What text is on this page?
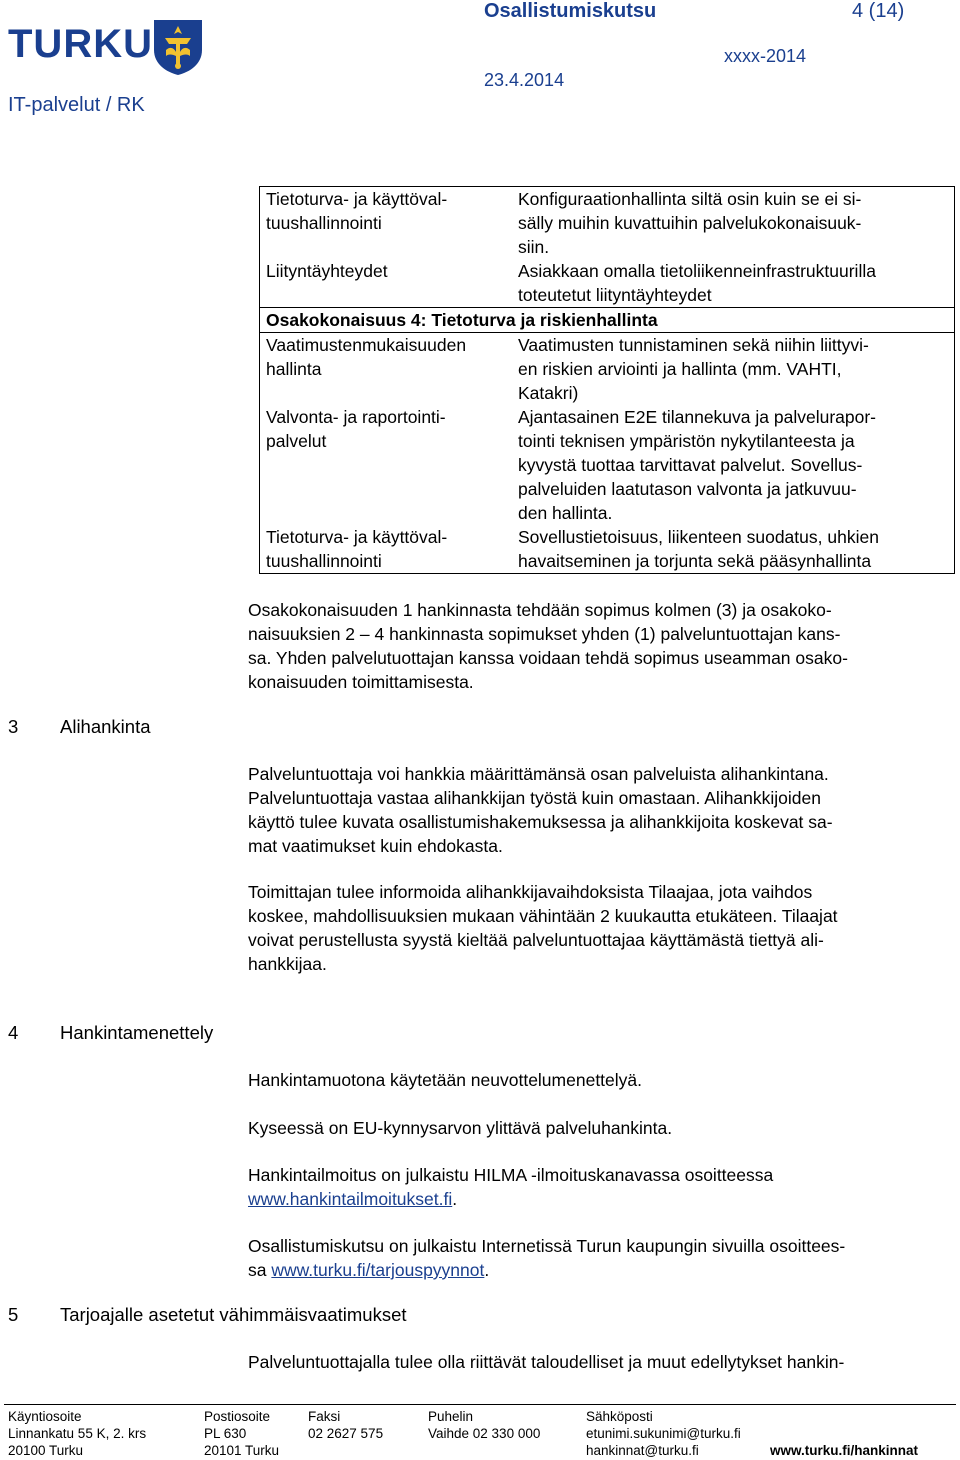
TURKU
Osallistumiskutsu	4 (14)
xxxx-2014
23.4.2014
IT-palvelut / RK
Tietoturva- ja käyttöval-
tuushallinnointi	Konfiguraationhallinta siltä osin kuin se ei si-
sälly muihin kuvattuihin palvelukokonaisuuk-
siin.

Liityntäyhteydet	Asiakkaan omalla tietoliikenneinfrastruktuurilla
toteutetut liityntäyhteydet

Osakokonaisuus 4: Tietoturva ja riskienhallinta	

Vaatimustenmukaisuuden
hallinta	Vaatimusten tunnistaminen sekä niihin liittyvi-
en riskien arviointi ja hallinta (mm. VAHTI,
Katakri)

Valvonta- ja raportointi-
palvelut	Ajantasainen E2E tilannekuva ja palvelurapor-
tointi teknisen ympäristön nykytilanteesta ja
kyvystä tuottaa tarvittavat palvelut. Sovellus-
palveluiden laatutason valvonta ja jatkuvuu-
den hallinta.

Tietoturva- ja käyttöval-
tuushallinnointi	Sovellustietoisuus, liikenteen suodatus, uhkien
havaitseminen ja torjunta sekä pääsynhallinta
Osakokonaisuuden 1 hankinnasta tehdään sopimus kolmen (3) ja osakoko-
naisuuksien 2 – 4 hankinnasta sopimukset yhden (1) palveluntuottajan kans-
sa. Yhden palvelutuottajan kanssa voidaan tehdä sopimus useamman osako-
konaisuuden toimittamisesta.
3 Alihankinta
Palveluntuottaja voi hankkia määrittämänsä osan palveluista alihankintana.
Palveluntuottaja vastaa alihankkijan työstä kuin omastaan. Alihankkijoiden
käyttö tulee kuvata osallistumishakemuksessa ja alihankkijoita koskevat sa-
mat vaatimukset kuin ehdokasta.
Toimittajan tulee informoida alihankkijavaihdoksista Tilaajaa, jota vaihdos
koskee, mahdollisuuksien mukaan vähintään 2 kuukautta etukäteen. Tilaajat
voivat perustellusta syystä kieltää palveluntuottajaa käyttämästä tiettyä ali-
hankkijaa.
4 Hankintamenettely
Hankintamuotona käytetään neuvottelumenettelyä.
Kyseessä on EU-kynnysarvon ylittävä palveluhankinta.
Hankintailmoitus on julkaistu HILMA -ilmoituskanavassa osoitteessa
www.hankintailmoitukset.fi.
Osallistumiskutsu on julkaistu Internetissä Turun kaupungin sivuilla osoittees-
sa www.turku.fi/tarjouspyynnot.
5 Tarjoajalle asetetut vähimmäisvaatimukset
Palveluntuottajalla tulee olla riittävät taloudelliset ja muut edellytykset hankin-
Käyntiosoite
Linnankatu 55 K, 2. krs
20100 Turku
Postiosoite
PL 630
20101 Turku
Faksi
02 2627 575
Puhelin
Vaihde 02 330 000
Sähköposti
etunimi.sukunimi@turku.fi
hankinnat@turku.fi	www.turku.fi/hankinnat
